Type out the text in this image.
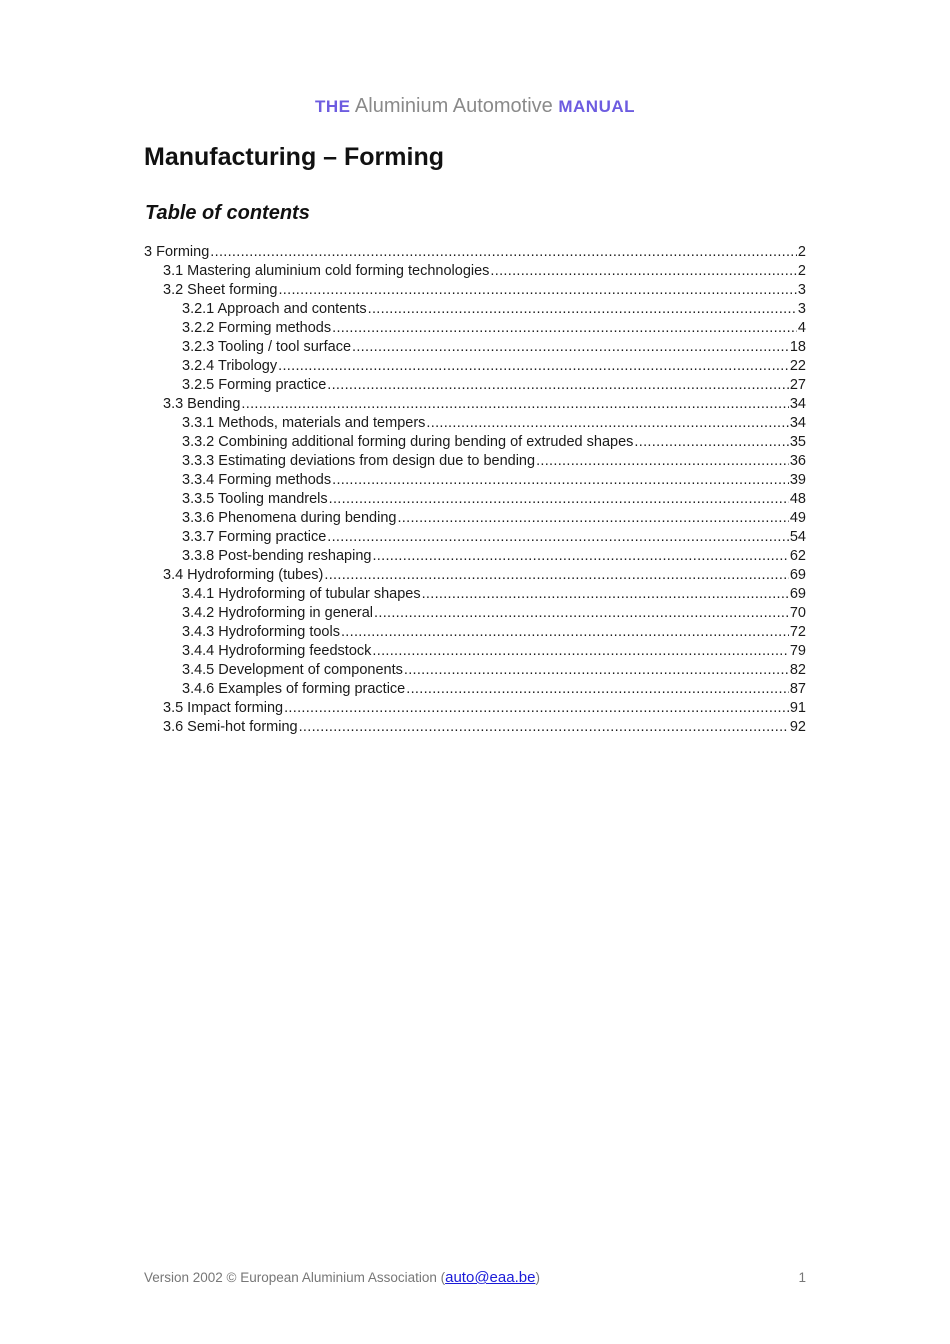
THE Aluminium Automotive MANUAL
Manufacturing – Forming
Table of contents
3 Forming .....	2
3.1 Mastering aluminium cold forming technologies .....	2
3.2 Sheet forming .....	3
3.2.1 Approach and contents .....	3
3.2.2 Forming methods .....	4
3.2.3 Tooling / tool surface .....	18
3.2.4 Tribology .....	22
3.2.5 Forming practice .....	27
3.3 Bending .....	34
3.3.1 Methods, materials and tempers .....	34
3.3.2 Combining additional forming during bending of extruded shapes .....	35
3.3.3 Estimating deviations from design due to bending .....	36
3.3.4 Forming methods .....	39
3.3.5 Tooling mandrels .....	48
3.3.6 Phenomena during bending .....	49
3.3.7 Forming practice .....	54
3.3.8 Post-bending reshaping .....	62
3.4 Hydroforming (tubes) .....	69
3.4.1 Hydroforming of tubular shapes .....	69
3.4.2 Hydroforming in general .....	70
3.4.3 Hydroforming tools .....	72
3.4.4 Hydroforming feedstock .....	79
3.4.5 Development of components .....	82
3.4.6 Examples of forming practice .....	87
3.5 Impact forming .....	91
3.6 Semi-hot forming .....	92
Version 2002 © European Aluminium Association (auto@eaa.be)	1
